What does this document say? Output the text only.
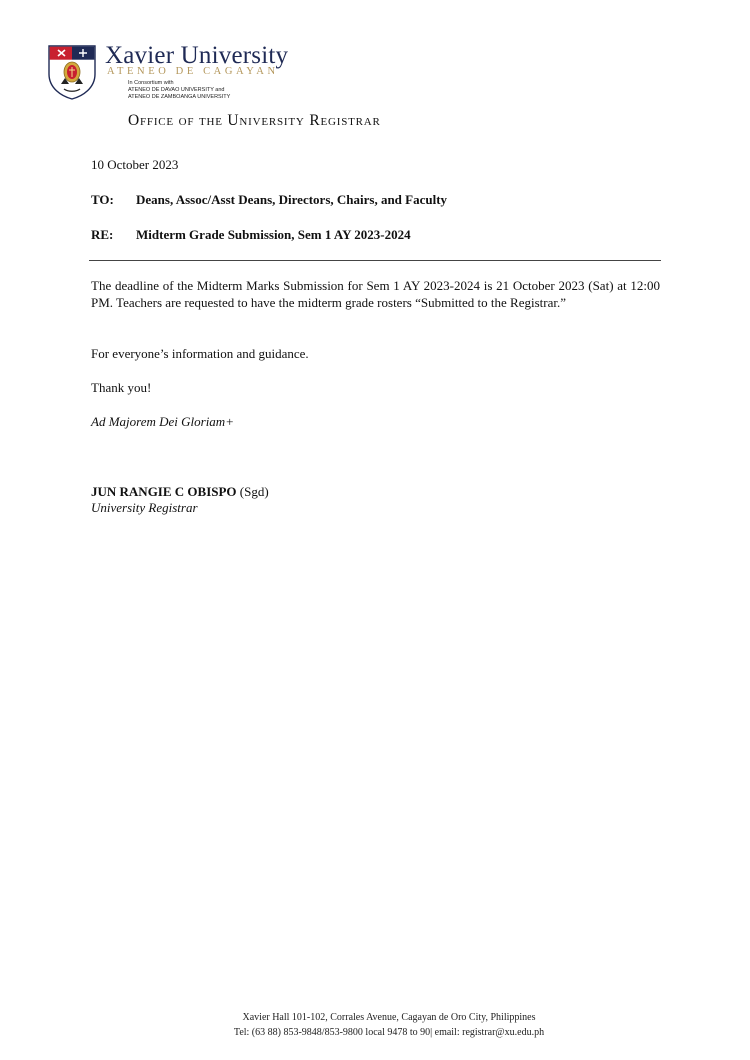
Xavier University
ATENEO DE CAGAYAN
In Consortium with
ATENEO DE DAVAO UNIVERSITY and
ATENEO DE ZAMBOANGA UNIVERSITY
Office of the University Registrar
10 October 2023
TO: Deans, Assoc/Asst Deans, Directors, Chairs, and Faculty
RE: Midterm Grade Submission, Sem 1 AY 2023-2024
The deadline of the Midterm Marks Submission for Sem 1 AY 2023-2024 is 21 October 2023 (Sat) at 12:00 PM. Teachers are requested to have the midterm grade rosters “Submitted to the Registrar.”
For everyone’s information and guidance.
Thank you!
Ad Majorem Dei Gloriam+
JUN RANGIE C OBISPO (Sgd)
University Registrar
Xavier Hall 101-102, Corrales Avenue, Cagayan de Oro City, Philippines
Tel: (63 88) 853-9848/853-9800 local 9478 to 90| email: registrar@xu.edu.ph
